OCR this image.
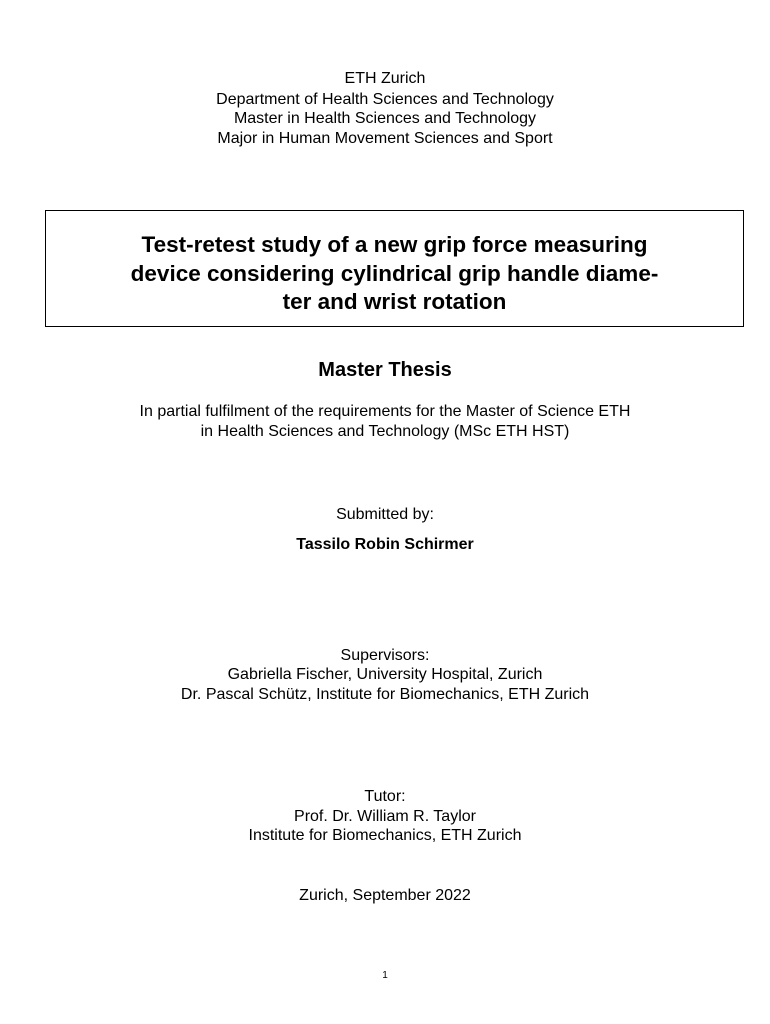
ETH Zurich
Department of Health Sciences and Technology
Master in Health Sciences and Technology
Major in Human Movement Sciences and Sport
Test-retest study of a new grip force measuring
device considering cylindrical grip handle diame-
ter and wrist rotation
Master Thesis
In partial fulfilment of the requirements for the Master of Science ETH
in Health Sciences and Technology (MSc ETH HST)
Submitted by:
Tassilo Robin Schirmer
Supervisors:
Gabriella Fischer, University Hospital, Zurich
Dr. Pascal Schütz, Institute for Biomechanics, ETH Zurich
Tutor:
Prof. Dr. William R. Taylor
Institute for Biomechanics, ETH Zurich
Zurich, September 2022
1
